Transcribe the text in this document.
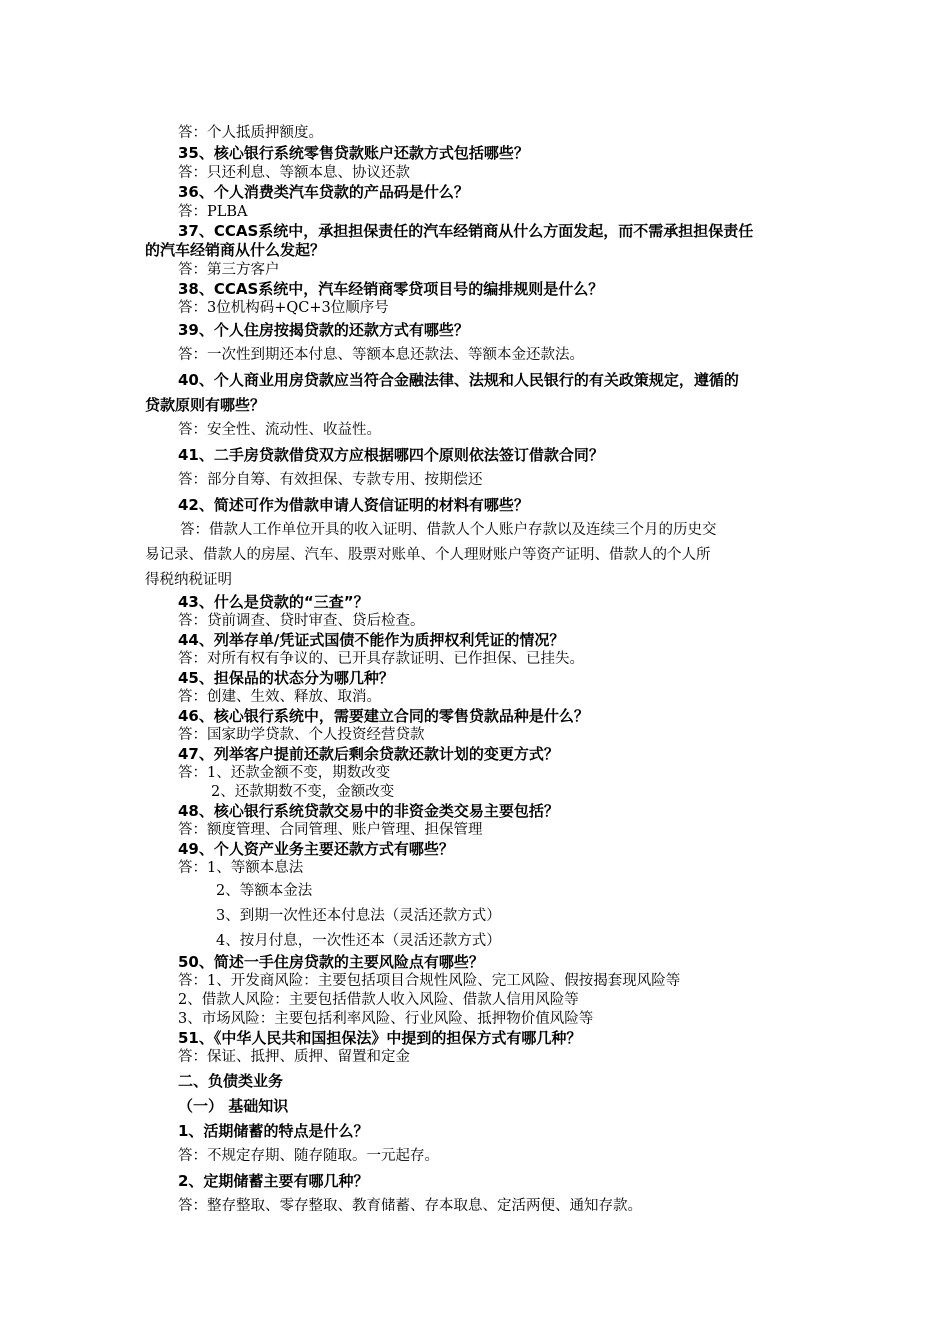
答：个人抵质押额度。
35、核心银行系统零售贷款账户还款方式包括哪些？
答：只还利息、等额本息、协议还款
36、个人消费类汽车贷款的产品码是什么？
答：PLBA
37、CCAS系统中，承担担保责任的汽车经销商从什么方面发起，而不需承担担保责任
的汽车经销商从什么发起？
答：第三方客户
38、CCAS系统中，汽车经销商零贷项目号的编排规则是什么？
答：3位机构码+QC+3位顺序号
39、个人住房按揭贷款的还款方式有哪些？
答：一次性到期还本付息、等额本息还款法、等额本金还款法。
40、个人商业用房贷款应当符合金融法律、法规和人民银行的有关政策规定，遵循的
贷款原则有哪些？
答：安全性、流动性、收益性。
41、二手房贷款借贷双方应根据哪四个原则依法签订借款合同？
答：部分自筹、有效担保、专款专用、按期偿还
42、简述可作为借款申请人资信证明的材料有哪些？
答：借款人工作单位开具的收入证明、借款人个人账户存款以及连续三个月的历史交
易记录、借款人的房屋、汽车、股票对账单、个人理财账户等资产证明、借款人的个人所
得税纳税证明
43、什么是贷款的“三查”？
答：贷前调查、贷时审查、贷后检查。
44、列举存单/凭证式国债不能作为质押权利凭证的情况？
答：对所有权有争议的、已开具存款证明、已作担保、已挂失。
45、担保品的状态分为哪几种？
答：创建、生效、释放、取消。
46、核心银行系统中，需要建立合同的零售贷款品种是什么？
答：国家助学贷款、个人投资经营贷款
47、列举客户提前还款后剩余贷款还款计划的变更方式？
答：1、还款金额不变，期数改变
2、还款期数不变，金额改变
48、核心银行系统贷款交易中的非资金类交易主要包括？
答：额度管理、合同管理、账户管理、担保管理
49、个人资产业务主要还款方式有哪些？
答：1、等额本息法
2、等额本金法
3、到期一次性还本付息法（灵活还款方式）
4、按月付息，一次性还本（灵活还款方式）
50、简述一手住房贷款的主要风险点有哪些？
答：1、开发商风险：主要包括项目合规性风险、完工风险、假按揭套现风险等
2、借款人风险：主要包括借款人收入风险、借款人信用风险等
3、市场风险：主要包括利率风险、行业风险、抵押物价值风险等
51、《中华人民共和国担保法》中提到的担保方式有哪几种？
答：保证、抵押、质押、留置和定金
二、负债类业务
（一） 基础知识
1、活期储蓄的特点是什么？
答：不规定存期、随存随取。一元起存。
2、定期储蓄主要有哪几种？
答：整存整取、零存整取、教育储蓄、存本取息、定活两便、通知存款。
